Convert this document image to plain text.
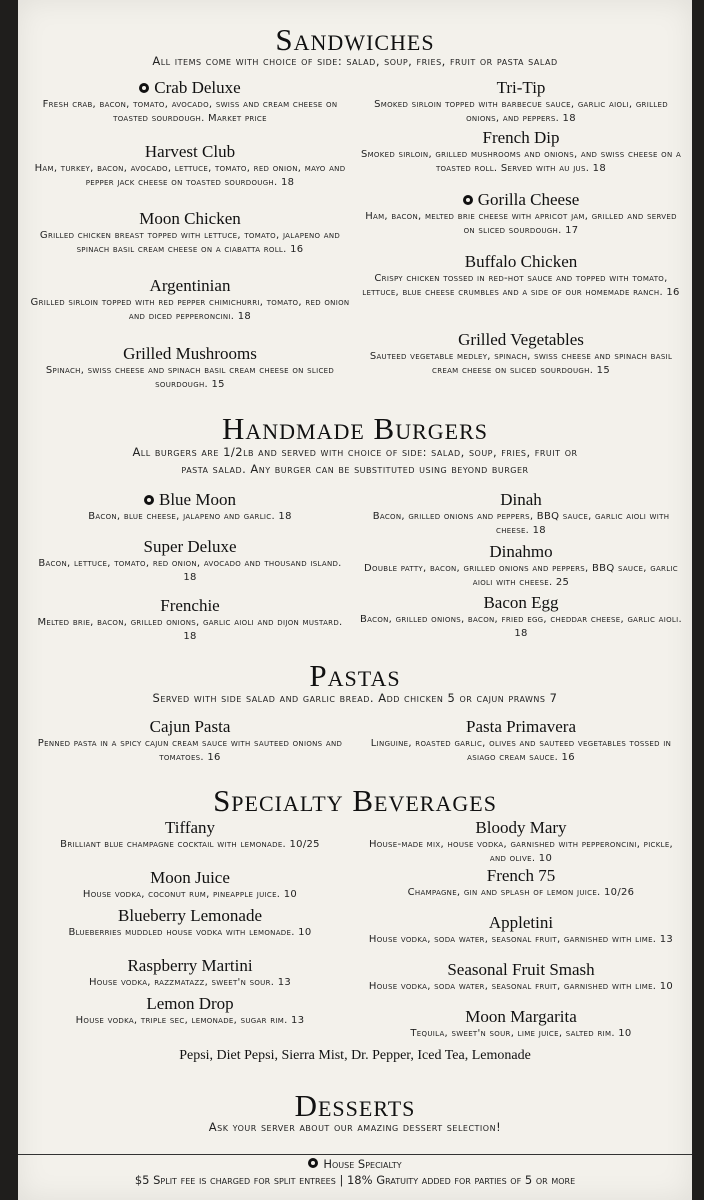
Sandwiches
All items come with choice of side: salad, soup, fries, fruit or pasta salad
Crab Deluxe
Fresh crab, bacon, tomato, avocado, swiss and cream cheese on toasted sourdough. Market price
Harvest Club
Ham, turkey, bacon, avocado, lettuce, tomato, red onion, mayo and pepper jack cheese on toasted sourdough. 18
Moon Chicken
Grilled chicken breast topped with lettuce, tomato, jalapeno and spinach basil cream cheese on a ciabatta roll. 16
Argentinian
Grilled sirloin topped with red pepper chimichurri, tomato, red onion and diced pepperoncini. 18
Grilled Mushrooms
Spinach, swiss cheese and spinach basil cream cheese on sliced sourdough. 15
Tri-Tip
Smoked sirloin topped with barbecue sauce, garlic aioli, grilled onions, and peppers. 18
French Dip
Smoked sirloin, grilled mushrooms and onions, and swiss cheese on a toasted roll. Served with au jus. 18
Gorilla Cheese
Ham, bacon, melted brie cheese with apricot jam, grilled and served on sliced sourdough. 17
Buffalo Chicken
Crispy chicken tossed in red-hot sauce and topped with tomato, lettuce, blue cheese crumbles and a side of our homemade ranch. 16
Grilled Vegetables
Sauteed vegetable medley, spinach, swiss cheese and spinach basil cream cheese on sliced sourdough. 15
Handmade Burgers
All burgers are 1/2lb and served with choice of side: salad, soup, fries, fruit or
pasta salad. Any burger can be substituted using beyond burger
Blue Moon
Bacon, blue cheese, jalapeno and garlic. 18
Super Deluxe
Bacon, lettuce, tomato, red onion, avocado and thousand island. 18
Frenchie
Melted brie, bacon, grilled onions, garlic aioli and dijon mustard. 18
Dinah
Bacon, grilled onions and peppers, BBQ sauce, garlic aioli with cheese. 18
Dinahmo
Double patty, bacon, grilled onions and peppers, BBQ sauce, garlic aioli with cheese. 25
Bacon Egg
Bacon, grilled onions, bacon, fried egg, cheddar cheese, garlic aioli. 18
Pastas
Served with side salad and garlic bread. Add chicken 5 or cajun prawns 7
Cajun Pasta
Penned pasta in a spicy cajun cream sauce with sauteed onions and tomatoes. 16
Pasta Primavera
Linguine, roasted garlic, olives and sauteed vegetables tossed in asiago cream sauce. 16
Specialty Beverages
Tiffany
Brilliant blue champagne cocktail with lemonade. 10/25
Moon Juice
House vodka, coconut rum, pineapple juice. 10
Blueberry Lemonade
Blueberries muddled house vodka with lemonade. 10
Raspberry Martini
House vodka, razzmatazz, sweet'n sour. 13
Lemon Drop
House vodka, triple sec, lemonade, sugar rim. 13
Bloody Mary
House-made mix, house vodka, garnished with pepperoncini, pickle, and olive. 10
French 75
Champagne, gin and splash of lemon juice. 10/26
Appletini
House vodka, soda water, seasonal fruit, garnished with lime. 13
Seasonal Fruit Smash
House vodka, soda water, seasonal fruit, garnished with lime. 10
Moon Margarita
Tequila, sweet'n sour, lime juice, salted rim. 10
Pepsi, Diet Pepsi, Sierra Mist, Dr. Pepper, Iced Tea, Lemonade
Desserts
Ask your server about our amazing dessert selection!
House Specialty
$5 Split fee is charged for split entrees | 18% Gratuity added for parties of 5 or more
